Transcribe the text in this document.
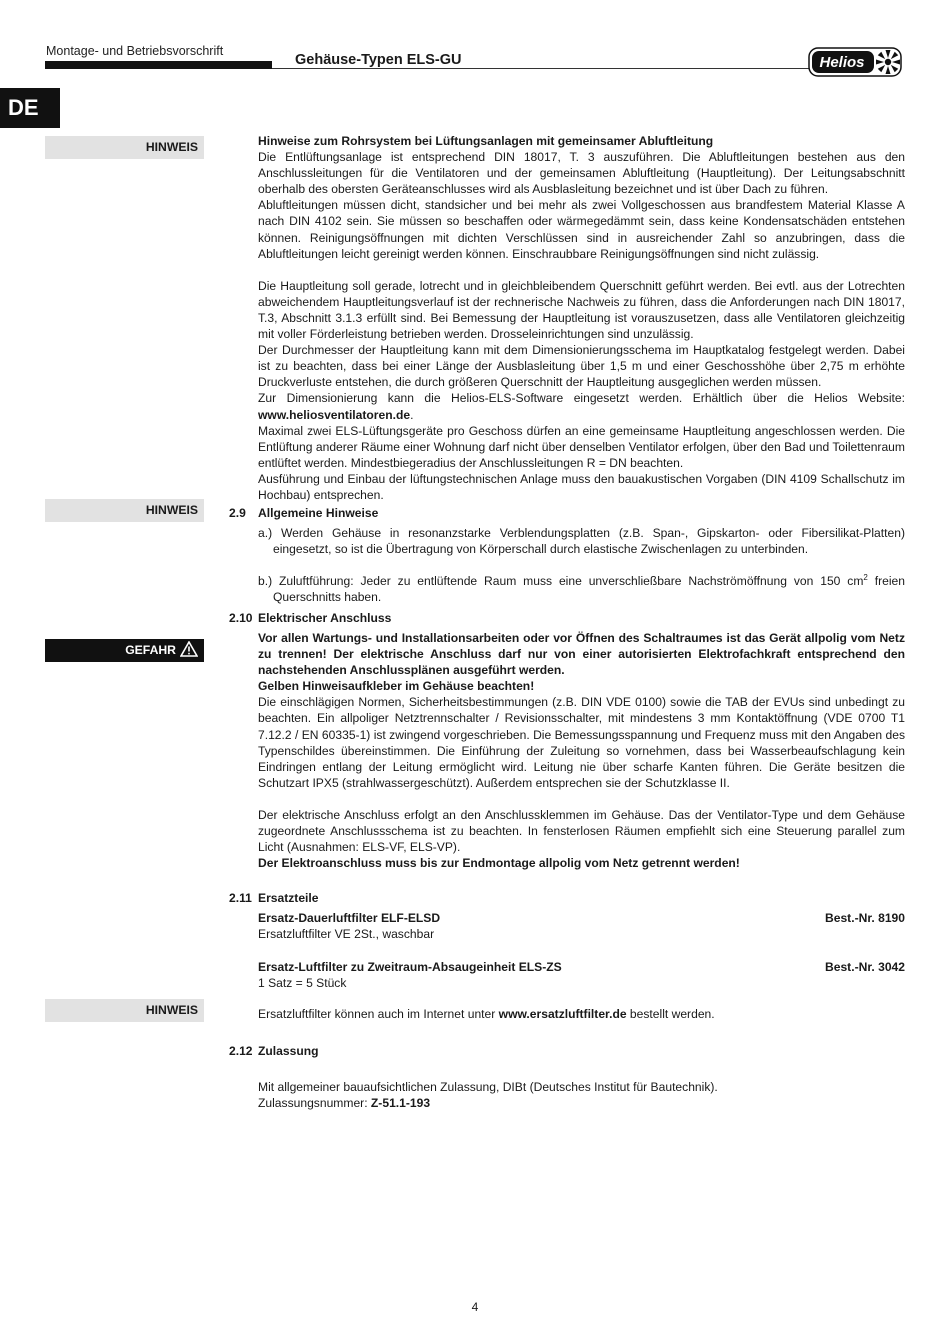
Montage- und Betriebsvorschrift
Gehäuse-Typen ELS-GU	Helios
DE
HINWEIS
HINWEIS
GEFAHR
HINWEIS

Hinweise zum Rohrsystem bei Lüftungsanlagen mit gemeinsamer Abluftleitung

Die Entlüftungsanlage ist entsprechend DIN 18017, T. 3 auszuführen. Die Abluftleitungen bestehen aus den Anschlussleitungen für die Ventilatoren und der gemeinsamen Abluftleitung (Hauptleitung). Der Leitungsabschnitt oberhalb des obersten Geräteanschlusses wird als Ausblasleitung bezeichnet und ist über Dach zu führen.

Abluftleitungen müssen dicht, standsicher und bei mehr als zwei Vollgeschossen aus brandfestem Material Klasse A nach DIN 4102 sein. Sie müssen so beschaffen oder wärmegedämmt sein, dass keine Kondensatschäden entstehen können. Reinigungsöffnungen mit dichten Verschlüssen sind in ausreichender Zahl so anzubringen, dass die Abluftleitungen leicht gereinigt werden können. Einschraubbare Reinigungsöffnungen sind nicht zulässig.

Die Hauptleitung soll gerade, lotrecht und in gleichbleibendem Querschnitt geführt werden. Bei evtl. aus der Lotrechten abweichendem Hauptleitungsverlauf ist der rechnerische Nachweis zu führen, dass die Anforderungen nach DIN 18017, T.3, Abschnitt 3.1.3 erfüllt sind. Bei Bemessung der Hauptleitung ist vorauszusetzen, dass alle Ventilatoren gleichzeitig mit voller Förderleistung betrieben werden. Drosseleinrichtungen sind unzulässig.

Der Durchmesser der Hauptleitung kann mit dem Dimensionierungsschema im Hauptkatalog festgelegt werden. Dabei ist zu beachten, dass bei einer Länge der Ausblasleitung über 1,5 m und einer Geschosshöhe über 2,75 m erhöhte Druckverluste entstehen, die durch größeren Querschnitt der Hauptleitung ausgeglichen werden müssen.

Zur Dimensionierung kann die Helios-ELS-Software eingesetzt werden. Erhältlich über die Helios Website: www.heliosventilatoren.de.

Maximal zwei ELS-Lüftungsgeräte pro Geschoss dürfen an eine gemeinsame Hauptleitung angeschlossen werden. Die Entlüftung anderer Räume einer Wohnung darf nicht über denselben Ventilator erfolgen, über den Bad und Toilettenraum entlüftet werden. Mindestbiegeradius der Anschlussleitungen R = DN beachten.

Ausführung und Einbau der lüftungstechnischen Anlage muss den bauakustischen Vorgaben (DIN 4109 Schallschutz im Hochbau) entsprechen.

2.9 Allgemeine Hinweise

a.) Werden Gehäuse in resonanzstarke Verblendungsplatten (z.B. Span-, Gipskarton- oder Fibersilikat-Platten) eingesetzt, so ist die Übertragung von Körperschall durch elastische Zwischenlagen zu unterbinden.

b.) Zuluftführung: Jeder zu entlüftende Raum muss eine unverschließbare Nachströmöffnung von 150 $cm^2$ freien Querschnitts haben.

2.10 Elektrischer Anschluss

Vor allen Wartungs- und Installationsarbeiten oder vor Öffnen des Schaltraumes ist das Gerät allpolig vom Netz zu trennen! Der elektrische Anschluss darf nur von einer autorisierten Elektrofachkraft entsprechend den nachstehenden Anschlussplänen ausgeführt werden.

Gelben Hinweisaufkleber im Gehäuse beachten!

Die einschlägigen Normen, Sicherheitsbestimmungen (z.B. DIN VDE 0100) sowie die TAB der EVUs sind unbedingt zu beachten. Ein allpoliger Netztrennschalter / Revisionsschalter, mit mindestens 3 mm Kontaktöffnung (VDE 0700 T1 7.12.2 / EN 60335-1) ist zwingend vorgeschrieben. Die Bemessungsspannung und Frequenz muss mit den Angaben des Typenschildes übereinstimmen. Die Einführung der Zuleitung so vornehmen, dass bei Wasserbeaufschlagung kein Eindringen entlang der Leitung ermöglicht wird. Leitung nie über scharfe Kanten führen. Die Geräte besitzen die Schutzart IPX5 (strahlwassergeschützt). Außerdem entsprechen sie der Schutzklasse II.

Der elektrische Anschluss erfolgt an den Anschlussklemmen im Gehäuse. Das der Ventilator-Type und dem Gehäuse zugeordnete Anschlussschema ist zu beachten. In fensterlosen Räumen empfiehlt sich eine Steuerung parallel zum Licht (Ausnahmen: ELS-VF, ELS-VP).

Der Elektroanschluss muss bis zur Endmontage allpolig vom Netz getrennt werden!

2.11 Ersatzteile
Ersatz-Dauerluftfilter ELF-ELSD	Best.-Nr. 8190
Ersatzluftfilter VE 2St., waschbar
Ersatz-Luftfilter zu Zweitraum-Absaugeinheit ELS-ZS	Best.-Nr. 3042
1 Satz = 5 Stück
Ersatzluftfilter können auch im Internet unter www.ersatzluftfilter.de bestellt werden.
2.12 Zulassung

Mit allgemeiner bauaufsichtlichen Zulassung, DIBt (Deutsches Institut für Bautechnik).

Zulassungsnummer: Z-51.1-193

4
